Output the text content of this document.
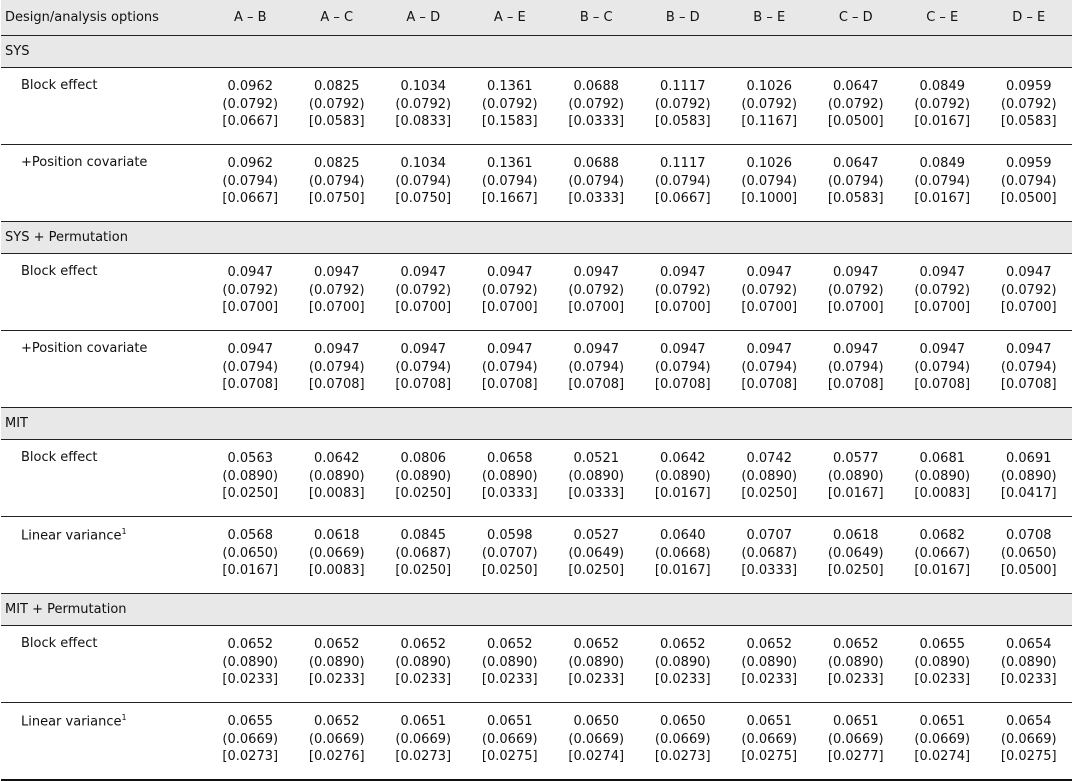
Design/analysis options	A – B	A – C	A – D	A – E	B – C	B – D	B – E	C – D	C – E	D – E
SYS										
Block effect	0.0962
(0.0792)
[0.0667]	0.0825
(0.0792)
[0.0583]	0.1034
(0.0792)
[0.0833]	0.1361
(0.0792)
[0.1583]	0.0688
(0.0792)
[0.0333]	0.1117
(0.0792)
[0.0583]	0.1026
(0.0792)
[0.1167]	0.0647
(0.0792)
[0.0500]	0.0849
(0.0792)
[0.0167]	0.0959
(0.0792)
[0.0583]

+Position covariate	0.0962
(0.0794)
[0.0667]	0.0825
(0.0794)
[0.0750]	0.1034
(0.0794)
[0.0750]	0.1361
(0.0794)
[0.1667]	0.0688
(0.0794)
[0.0333]	0.1117
(0.0794)
[0.0667]	0.1026
(0.0794)
[0.1000]	0.0647
(0.0794)
[0.0583]	0.0849
(0.0794)
[0.0167]	0.0959
(0.0794)
[0.0500]

SYS + Permutation										
Block effect	0.0947
(0.0792)
[0.0700]	0.0947
(0.0792)
[0.0700]	0.0947
(0.0792)
[0.0700]	0.0947
(0.0792)
[0.0700]	0.0947
(0.0792)
[0.0700]	0.0947
(0.0792)
[0.0700]	0.0947
(0.0792)
[0.0700]	0.0947
(0.0792)
[0.0700]	0.0947
(0.0792)
[0.0700]	0.0947
(0.0792)
[0.0700]

+Position covariate	0.0947
(0.0794)
[0.0708]	0.0947
(0.0794)
[0.0708]	0.0947
(0.0794)
[0.0708]	0.0947
(0.0794)
[0.0708]	0.0947
(0.0794)
[0.0708]	0.0947
(0.0794)
[0.0708]	0.0947
(0.0794)
[0.0708]	0.0947
(0.0794)
[0.0708]	0.0947
(0.0794)
[0.0708]	0.0947
(0.0794)
[0.0708]

MIT										
Block effect	0.0563
(0.0890)
[0.0250]	0.0642
(0.0890)
[0.0083]	0.0806
(0.0890)
[0.0250]	0.0658
(0.0890)
[0.0333]	0.0521
(0.0890)
[0.0333]	0.0642
(0.0890)
[0.0167]	0.0742
(0.0890)
[0.0250]	0.0577
(0.0890)
[0.0167]	0.0681
(0.0890)
[0.0083]	0.0691
(0.0890)
[0.0417]

Linear variance$^1$	0.0568
(0.0650)
[0.0167]	0.0618
(0.0669)
[0.0083]	0.0845
(0.0687)
[0.0250]	0.0598
(0.0707)
[0.0250]	0.0527
(0.0649)
[0.0250]	0.0640
(0.0668)
[0.0167]	0.0707
(0.0687)
[0.0333]	0.0618
(0.0649)
[0.0250]	0.0682
(0.0667)
[0.0167]	0.0708
(0.0650)
[0.0500]

MIT + Permutation										
Block effect	0.0652
(0.0890)
[0.0233]	0.0652
(0.0890)
[0.0233]	0.0652
(0.0890)
[0.0233]	0.0652
(0.0890)
[0.0233]	0.0652
(0.0890)
[0.0233]	0.0652
(0.0890)
[0.0233]	0.0652
(0.0890)
[0.0233]	0.0652
(0.0890)
[0.0233]	0.0655
(0.0890)
[0.0233]	0.0654
(0.0890)
[0.0233]

Linear variance$^1$	0.0655
(0.0669)
[0.0273]	0.0652
(0.0669)
[0.0276]	0.0651
(0.0669)
[0.0273]	0.0651
(0.0669)
[0.0275]	0.0650
(0.0669)
[0.0274]	0.0650
(0.0669)
[0.0273]	0.0651
(0.0669)
[0.0275]	0.0651
(0.0669)
[0.0277]	0.0651
(0.0669)
[0.0274]	0.0654
(0.0669)
[0.0275]
